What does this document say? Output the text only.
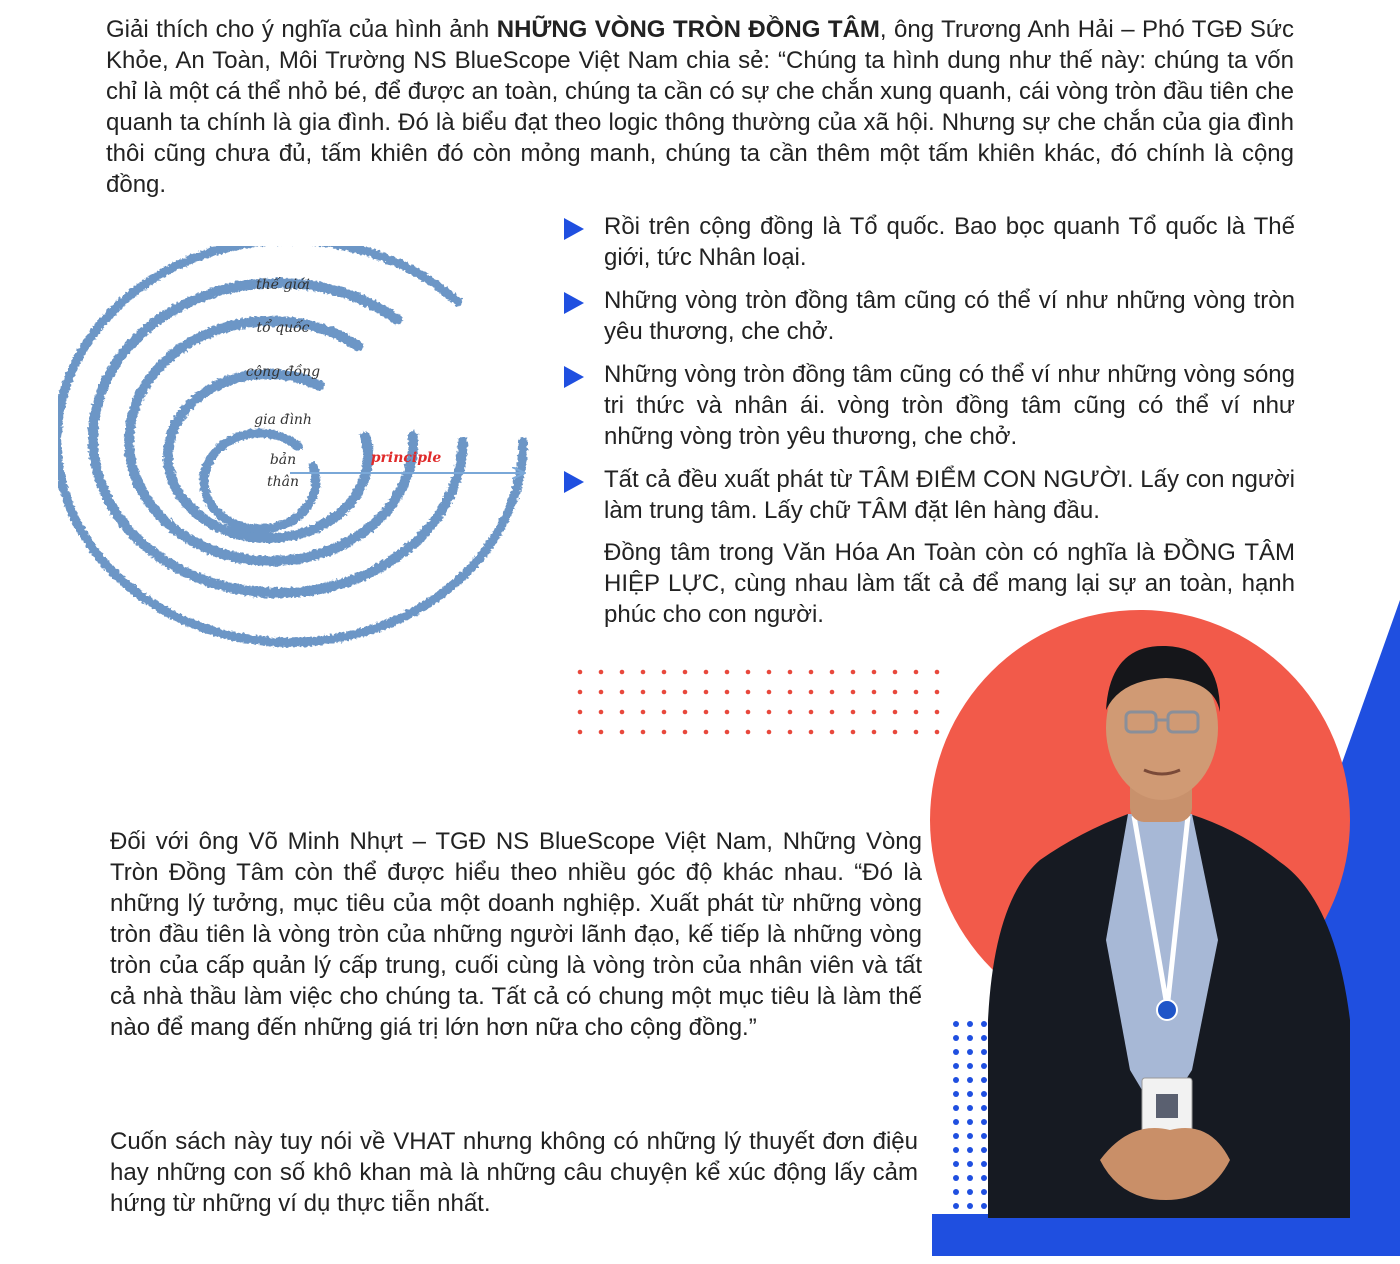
Giải thích cho ý nghĩa của hình ảnh NHỮNG VÒNG TRÒN ĐỒNG TÂM, ông Trương Anh Hải – Phó TGĐ Sức Khỏe, An Toàn, Môi Trường NS BlueScope Việt Nam chia sẻ: “Chúng ta hình dung như thế này: chúng ta vốn chỉ là một cá thể nhỏ bé, để được an toàn, chúng ta cần có sự che chắn xung quanh, cái vòng tròn đầu tiên che quanh ta chính là gia đình. Đó là biểu đạt theo logic thông thường của xã hội. Nhưng sự che chắn của gia đình thôi cũng chưa đủ, tấm khiên đó còn mỏng manh, chúng ta cần thêm một tấm khiên khác, đó chính là cộng đồng.

thế giới
tổ quốc
cộng đồng
gia đình
bản
thân
principle
Rồi trên cộng đồng là Tổ quốc. Bao bọc quanh Tổ quốc là Thế giới, tức Nhân loại.
Những vòng tròn đồng tâm cũng có thể ví như những vòng tròn yêu thương, che chở.
Những vòng tròn đồng tâm cũng có thể ví như những vòng sóng tri thức và nhân ái. vòng tròn đồng tâm cũng có thể ví như những vòng tròn yêu thương, che chở.
Tất cả đều xuất phát từ TÂM ĐIỂM CON NGƯỜI. Lấy con người làm trung tâm. Lấy chữ TÂM đặt lên hàng đầu.

Đồng tâm trong Văn Hóa An Toàn còn có nghĩa là ĐỒNG TÂM HIỆP LỰC, cùng nhau làm tất cả để mang lại sự an toàn, hạnh phúc cho con người.

Đối với ông Võ Minh Nhựt – TGĐ NS BlueScope Việt Nam, Những Vòng Tròn Đồng Tâm còn thể được hiểu theo nhiều góc độ khác nhau. “Đó là những lý tưởng, mục tiêu của một doanh nghiệp. Xuất phát từ những vòng tròn đầu tiên là vòng tròn của những người lãnh đạo, kế tiếp là những vòng tròn của cấp quản lý cấp trung, cuối cùng là vòng tròn của nhân viên và tất cả nhà thầu làm việc cho chúng ta. Tất cả có chung một mục tiêu là làm thế nào để mang đến những giá trị lớn hơn nữa cho cộng đồng.”

Cuốn sách này tuy nói về VHAT nhưng không có những lý thuyết đơn điệu hay những con số khô khan mà là những câu chuyện kể xúc động lấy cảm hứng từ những ví dụ thực tiễn nhất.
